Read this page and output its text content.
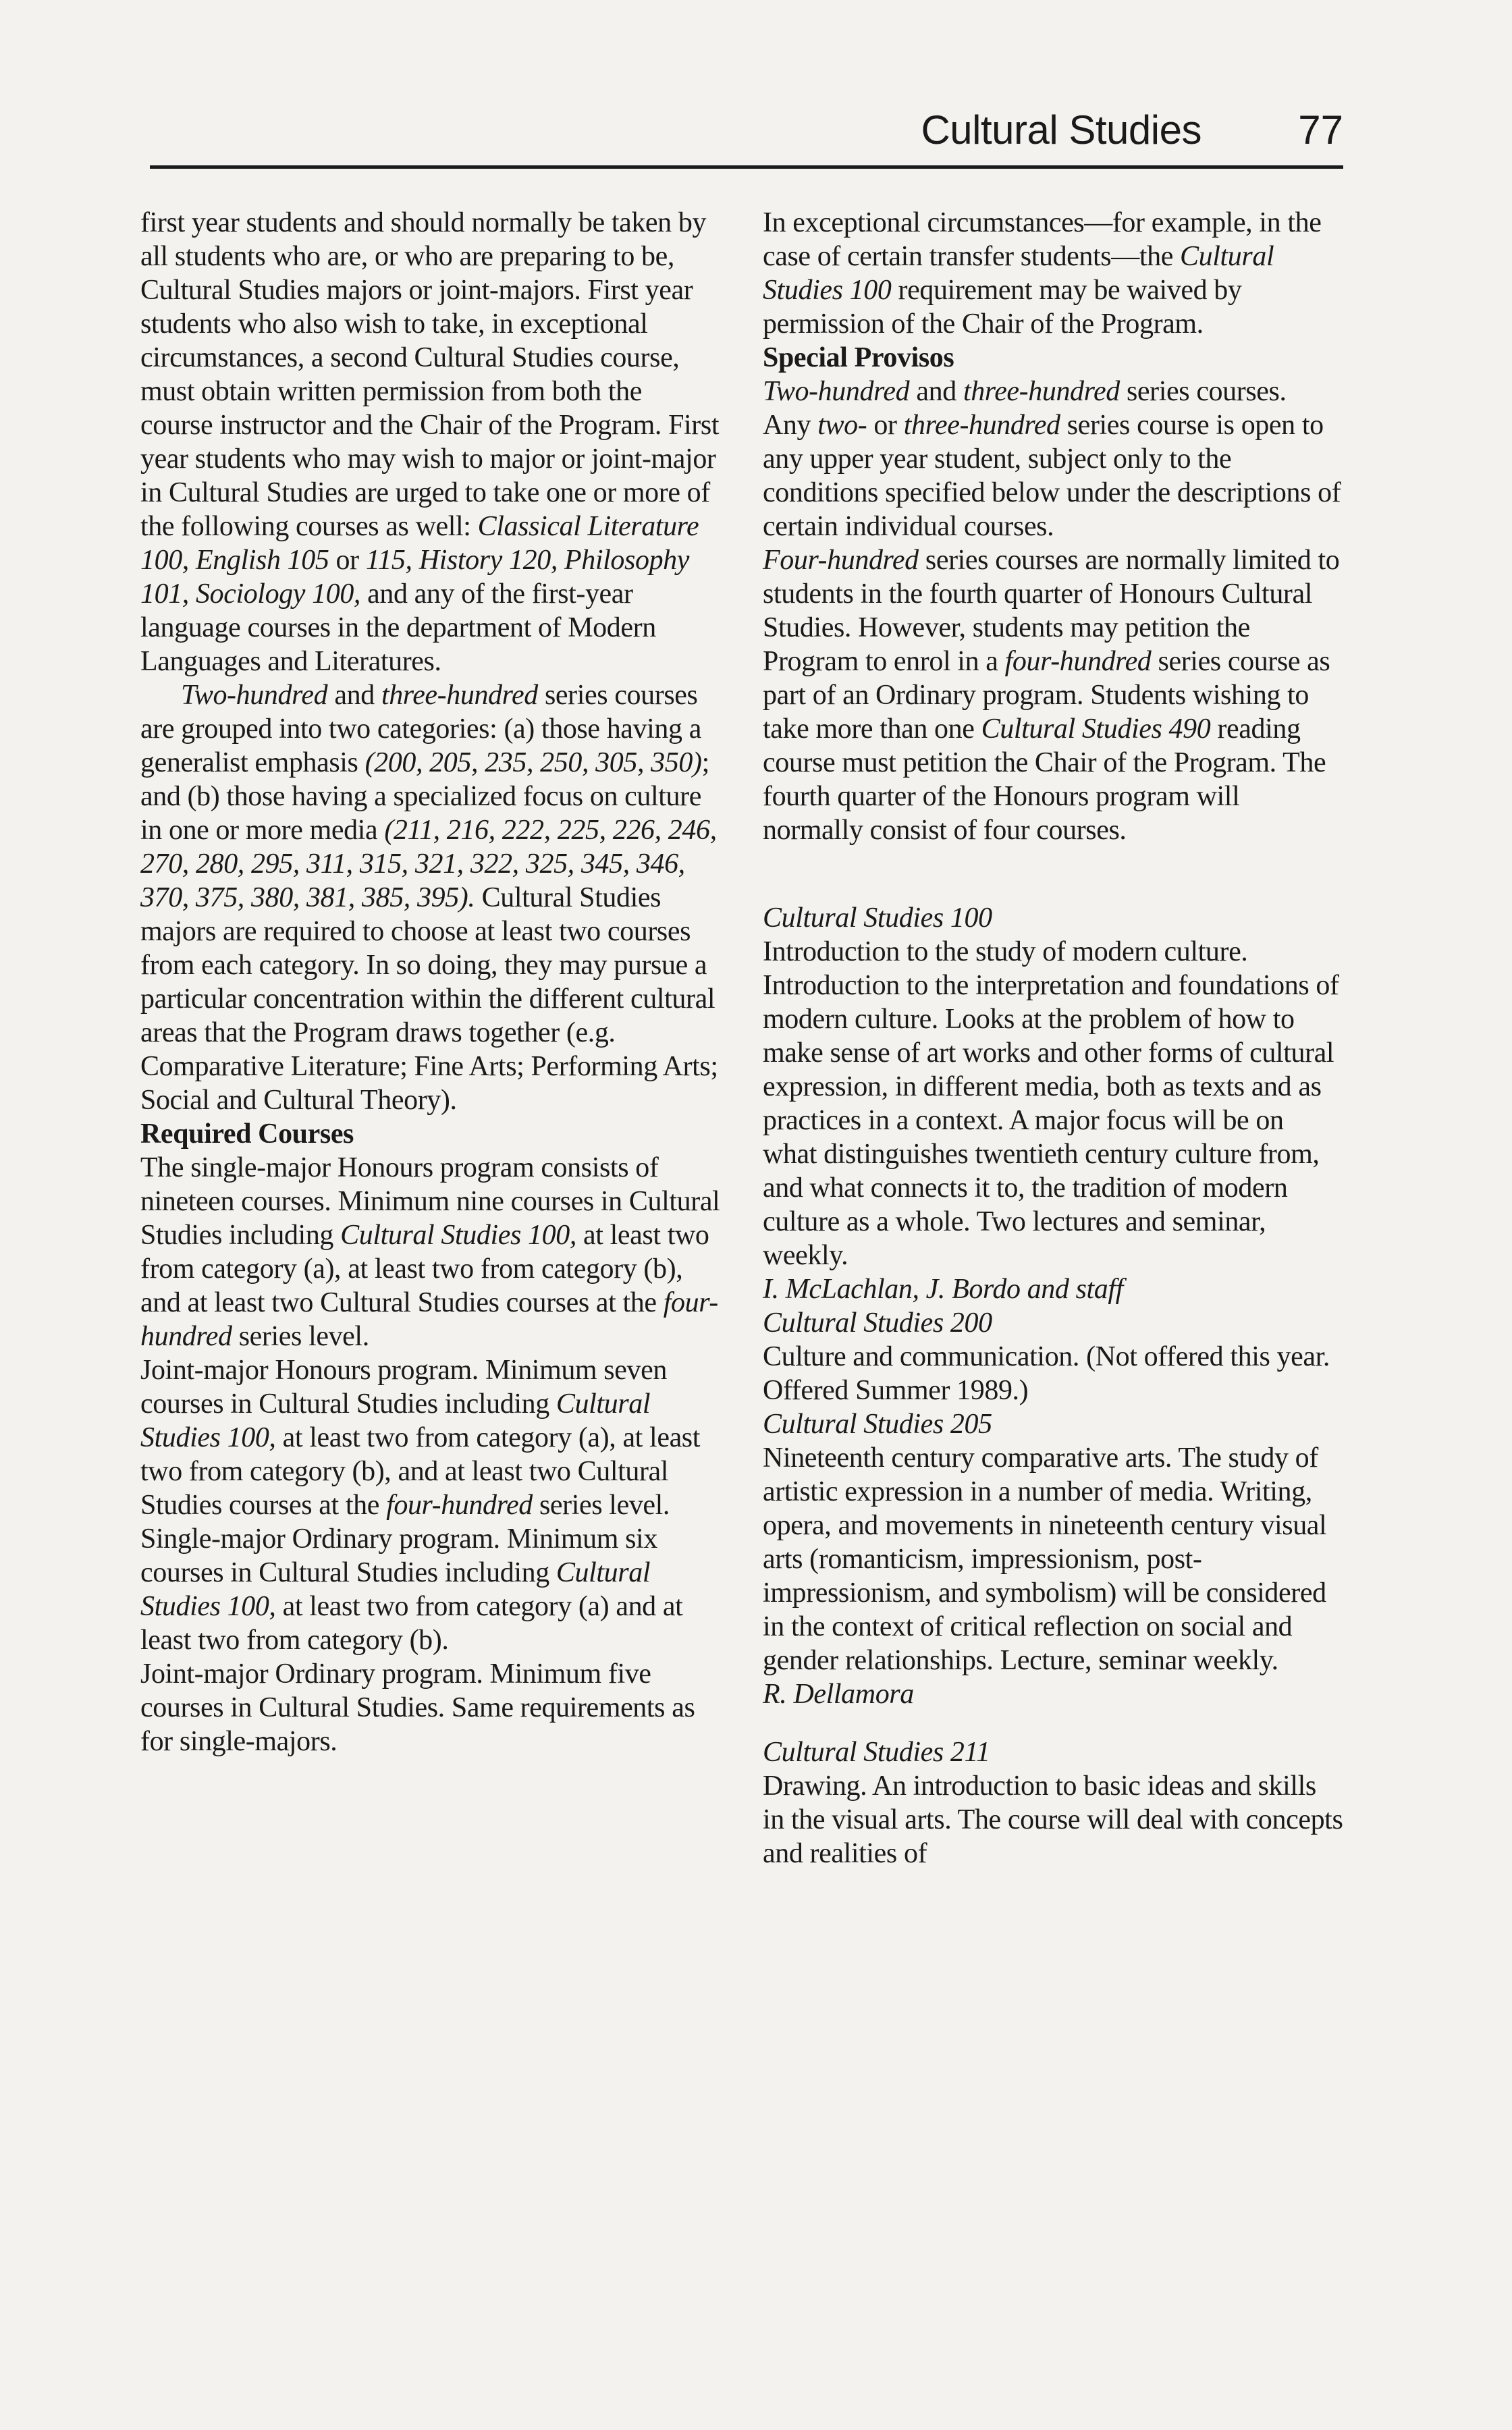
Cultural Studies 77

first year students and should normally be taken by all students who are, or who are preparing to be, Cultural Studies majors or joint-majors. First year students who also wish to take, in exceptional circumstances, a second Cultural Studies course, must obtain written permission from both the course instructor and the Chair of the Program. First year students who may wish to major or joint-major in Cultural Studies are urged to take one or more of the following courses as well: Classical Literature 100, English 105 or 115, History 120, Philosophy 101, Sociology 100, and any of the first-year language courses in the department of Modern Languages and Literatures.

Two-hundred and three-hundred series courses are grouped into two categories: (a) those having a generalist emphasis (200, 205, 235, 250, 305, 350); and (b) those having a specialized focus on culture in one or more media (211, 216, 222, 225, 226, 246, 270, 280, 295, 311, 315, 321, 322, 325, 345, 346, 370, 375, 380, 381, 385, 395). Cultural Studies majors are required to choose at least two courses from each category. In so doing, they may pursue a particular concentration within the different cultural areas that the Program draws together (e.g. Comparative Literature; Fine Arts; Performing Arts; Social and Cultural Theory).

Required Courses

The single-major Honours program consists of nineteen courses. Minimum nine courses in Cultural Studies including Cultural Studies 100, at least two from category (a), at least two from category (b), and at least two Cultural Studies courses at the four-hundred series level.

Joint-major Honours program. Minimum seven courses in Cultural Studies including Cultural Studies 100, at least two from category (a), at least two from category (b), and at least two Cultural Studies courses at the four-hundred series level.

Single-major Ordinary program. Minimum six courses in Cultural Studies including Cultural Studies 100, at least two from category (a) and at least two from category (b).

Joint-major Ordinary program. Minimum five courses in Cultural Studies. Same requirements as for single-majors.

In exceptional circumstances—for example, in the case of certain transfer students—the Cultural Studies 100 requirement may be waived by permission of the Chair of the Program.

Special Provisos

Two-hundred and three-hundred series courses.

Any two- or three-hundred series course is open to any upper year student, subject only to the conditions specified below under the descriptions of certain individual courses.

Four-hundred series courses are normally limited to students in the fourth quarter of Honours Cultural Studies. However, students may petition the Program to enrol in a four-hundred series course as part of an Ordinary program. Students wishing to take more than one Cultural Studies 490 reading course must petition the Chair of the Program. The fourth quarter of the Honours program will normally consist of four courses.

Cultural Studies 100

Introduction to the study of modern culture. Introduction to the interpretation and foundations of modern culture. Looks at the problem of how to make sense of art works and other forms of cultural expression, in different media, both as texts and as practices in a context. A major focus will be on what distinguishes twentieth century culture from, and what connects it to, the tradition of modern culture as a whole. Two lectures and seminar, weekly.

I. McLachlan, J. Bordo and staff

Cultural Studies 200

Culture and communication. (Not offered this year. Offered Summer 1989.)

Cultural Studies 205

Nineteenth century comparative arts. The study of artistic expression in a number of media. Writing, opera, and movements in nineteenth century visual arts (romanticism, impressionism, post-impressionism, and symbolism) will be considered in the context of critical reflection on social and gender relationships. Lecture, seminar weekly.

R. Dellamora

Cultural Studies 211

Drawing. An introduction to basic ideas and skills in the visual arts. The course will deal with concepts and realities of
